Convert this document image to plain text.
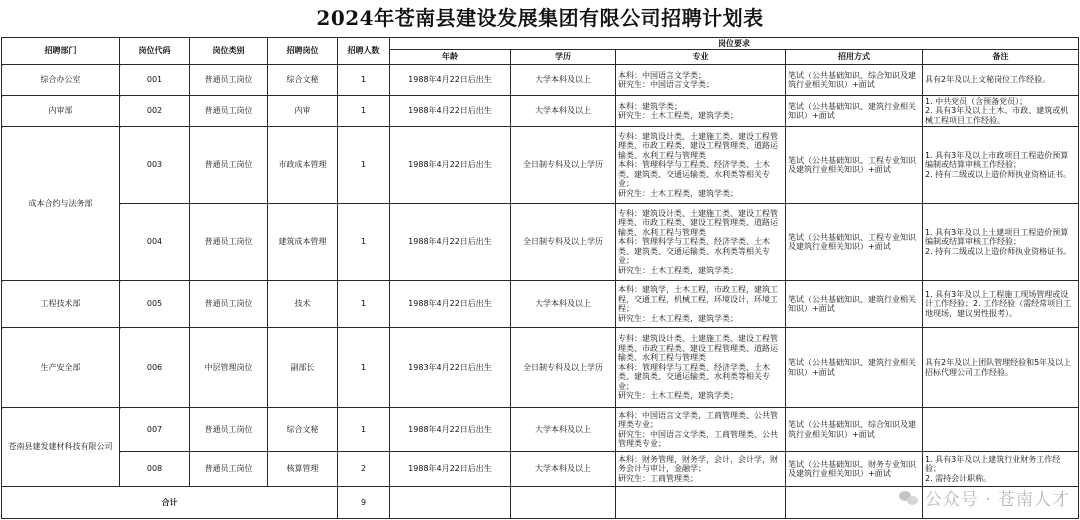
2024年苍南县建设发展集团有限公司招聘计划表
招聘部门	岗位代码	岗位类别	招聘岗位	招聘人数	岗位要求				
					年龄	学历	专业	招用方式	备注
综合办公室	001	普通员工岗位	综合文秘	1	1988年4月22日后出生	大学本科及以上	本科：中国语言文学类；
研究生：中国语言文学类；	笔试（公共基础知识、综合知识及建筑行业相关知识）+面试	具有2年及以上文秘岗位工作经验。
内审部	002	普通员工岗位	内审	1	1988年4月22日后出生	大学本科及以上	本科：建筑学类；
研究生：土木工程类，建筑学类；	笔试（公共基础知识、建筑行业相关知识）+面试	1. 中共党员（含预备党员）；
2. 具有3年及以上土木、市政、建筑或机械工程项目工作经验。
成本合约与法务部	003	普通员工岗位	市政成本管理	1	1988年4月22日后出生	全日制专科及以上学历	专科：建筑设计类、土建施工类、建设工程管理类、市政工程类、建设工程管理类、道路运输类、水利工程与管理类
本科：管理科学与工程类、经济学类、土木类、建筑类、交通运输类、水利类等相关专业；
研究生：土木工程类，建筑学类；	笔试（公共基础知识、工程专业知识及建筑行业相关知识）+面试	1. 具有3年及以上市政项目工程造价预算编制或结算审核工作经验；
2. 持有二级或以上造价师执业资格证书。
	004	普通员工岗位	建筑成本管理	1	1988年4月22日后出生	全日制专科及以上学历	专科：建筑设计类、土建施工类、建设工程管理类、市政工程类、建设工程管理类、道路运输类、水利工程与管理类
本科：管理科学与工程类、经济学类、土木类、建筑类、交通运输类、水利类等相关专业；
研究生：土木工程类，建筑学类；	笔试（公共基础知识、工程专业知识及建筑行业相关知识）+面试	1. 具有3年及以上土建项目工程造价预算编制或结算审核工作经验；
2. 持有二级或以上造价师执业资格证书。
工程技术部	005	普通员工岗位	技术	1	1988年4月22日后出生	大学本科及以上	本科：建筑学，土木工程，市政工程，建筑工程，交通工程，机械工程，环境设计，环境工程；
研究生：土木工程类，建筑学类；	笔试（公共基础知识、建筑行业相关知识）+面试	1. 具有3年及以上工程施工现场管理或设计工作经验；2. 工作经验（需经常项目工地现场，建议男性报考）。
生产安全部	006	中层管理岗位	副部长	1	1983年4月22日后出生	全日制专科及以上学历	专科：建筑设计类、土建施工类、建设工程管理类、市政工程类、建设工程管理类、道路运输类、水利工程与管理类
本科：管理科学与工程类、经济学类、土木类、建筑类、交通运输类、水利类等相关专业；
研究生：土木工程类，建筑学类；	笔试（公共基础知识、建筑行业相关知识）+面试	具有2年及以上团队管理经验和5年及以上招标代理公司工作经验。
苍南县建发建材科技有限公司	007	普通员工岗位	综合文秘	1	1988年4月22日后出生	大学本科及以上	本科：中国语言文学类，工商管理类、公共管理类专业；
研究生：中国语言文学类，工商管理类、公共管理类专业；	笔试（公共基础知识、综合知识及建筑行业相关知识）+面试	
	008	普通员工岗位	核算管理	2	1988年4月22日后出生	大学本科及以上	本科：财务管理，财务学，会计，会计学，财务会计与审计，金融学；
研究生：工商管理类；	笔试（公共基础知识、财务专业知识及建筑行业相关知识）+面试	1. 具有3年及以上建筑行业财务工作经验；
2. 需持会计职称。
合计				9						公众号 · 苍南人才
